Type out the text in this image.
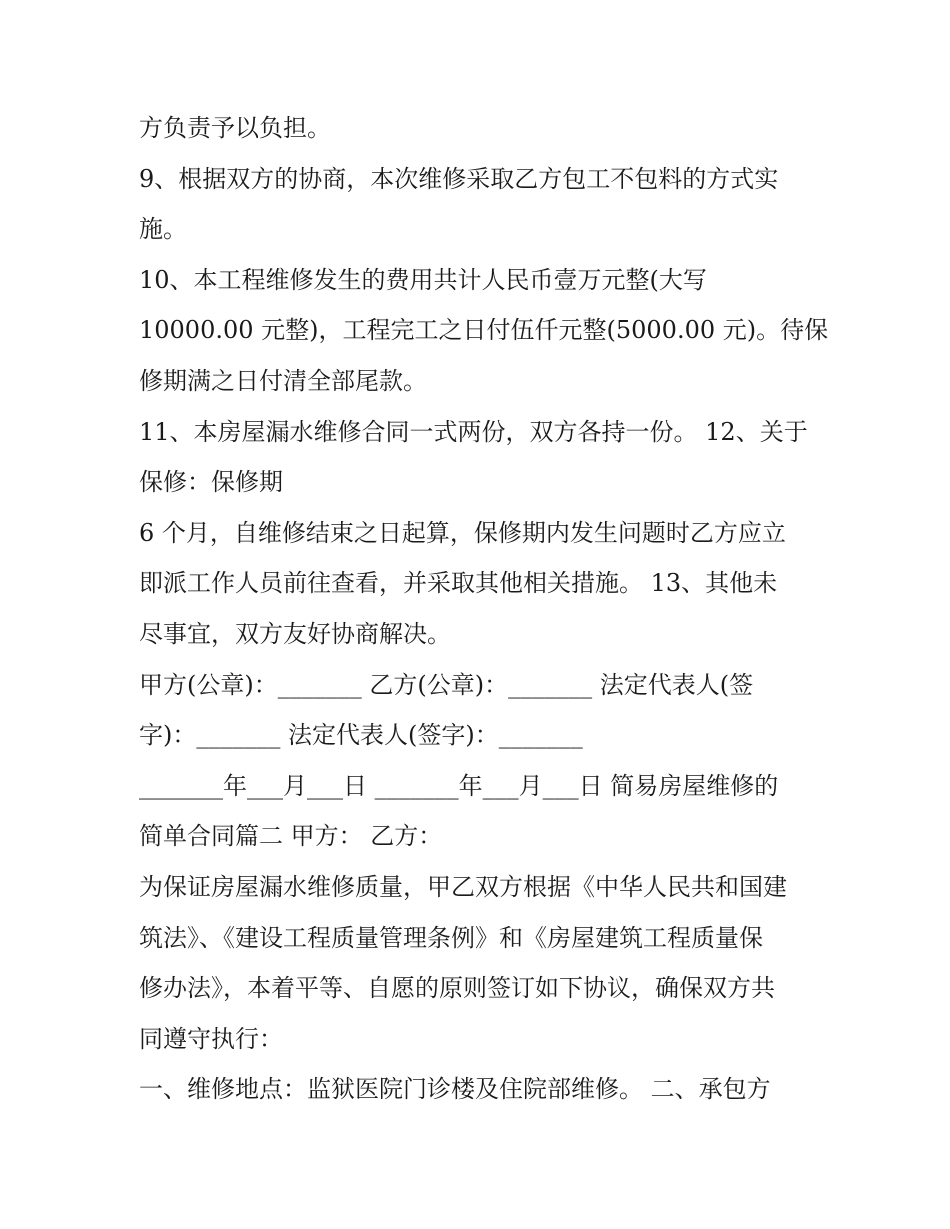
方负责予以负担。
9、根据双方的协商，本次维修采取乙方包工不包料的方式实
施。
10、本工程维修发生的费用共计人民币壹万元整(大写
10000.00 元整)，工程完工之日付伍仟元整(5000.00 元)。待保
修期满之日付清全部尾款。
11、本房屋漏水维修合同一式两份，双方各持一份。 12、关于
保修：保修期
6 个月，自维修结束之日起算，保修期内发生问题时乙方应立
即派工作人员前往查看，并采取其他相关措施。 13、其他未
尽事宜，双方友好协商解决。
甲方(公章)：_______ 乙方(公章)：_______ 法定代表人(签
字)：_______ 法定代表人(签字)：_______
_______年___月___日 _______年___月___日 简易房屋维修的
简单合同篇二 甲方： 乙方：
为保证房屋漏水维修质量，甲乙双方根据《中华人民共和国建
筑法》、《建设工程质量管理条例》和《房屋建筑工程质量保
修办法》，本着平等、自愿的原则签订如下协议，确保双方共
同遵守执行：
一、维修地点：监狱医院门诊楼及住院部维修。 二、承包方
